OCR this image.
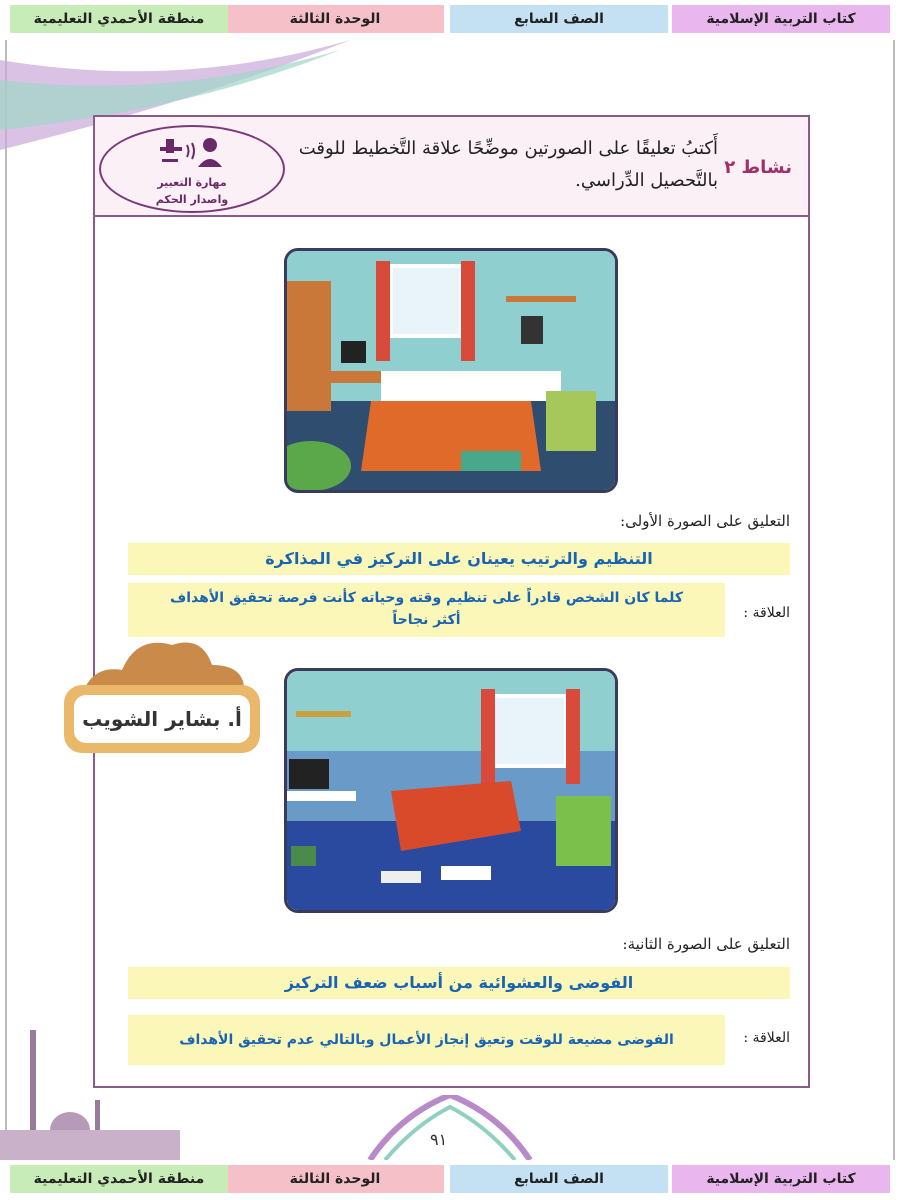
كتاب التربية الإسلامية
الصف السابع
الوحدة الثالثة
منطقة الأحمدي التعليمية
نشاط ٢
أَكتبُ تعليقًا على الصورتين موضِّحًا علاقة التَّخطيط للوقت بالتَّحصيل الدِّراسي.
مهارة التعبير
واصدار الحكم
التعليق على الصورة الأولى:
التنظيم والترتيب يعينان على التركيز في المذاكرة
العلاقة :
كلما كان الشخص قادراً على تنظيم وقته وحياته كأنت فرصة تحقيق الأهداف أكثر نجاحاً
أ. بشاير الشويب
التعليق على الصورة الثانية:
الفوضى والعشوائية من أسباب ضعف التركيز
العلاقة :
الفوضى مضيعة للوقت وتعيق إنجاز الأعمال وبالتالي عدم تحقيق الأهداف
٩١
كتاب التربية الإسلامية
الصف السابع
الوحدة الثالثة
منطقة الأحمدي التعليمية
